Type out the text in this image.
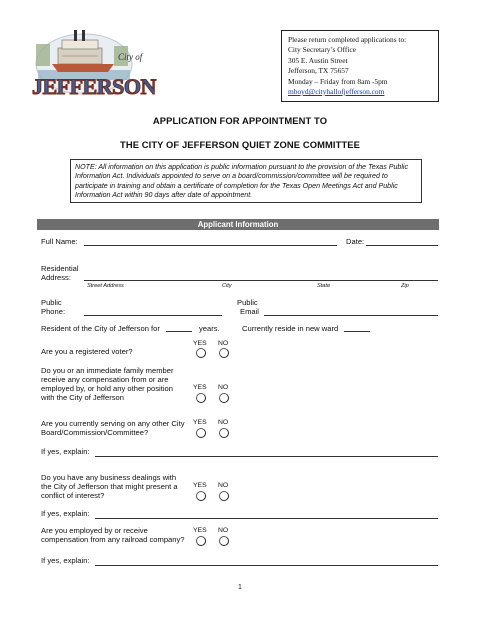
City of
JEFFERSON
Please return completed applications to:
City Secretary’s Office
305 E. Austin Street
Jefferson, TX 75657
Monday – Friday from 8am -5pm
mboyd@cityhallofjefferson.com
APPLICATION FOR APPOINTMENT TO
THE CITY OF JEFFERSON QUIET ZONE COMMITTEE
NOTE: All information on this application is public information pursuant to the provision of the Texas Public Information Act. Individuals appointed to serve on a board/commission/committee will be required to participate in training and obtain a certificate of completion for the Texas Open Meetings Act and Public Information Act within 90 days after date of appointment.
Applicant Information
Full Name:	Date:
Residential
Address:
Street Address	City	State	Zip
Public
Phone:
Public
Email
Resident of the City of Jefferson for	years.	Currently reside in new ward
YES NO
Are you a registered voter?
Do you or an immediate family member
receive any compensation from or are
employed by, or hold any other position
with the City of Jefferson
YES NO
Are you currently serving on any other City
Board/Commission/Committee?
YES NO
If yes, explain:
Do you have any business dealings with
the City of Jefferson that might present a
conflict of interest?
YES NO
If yes, explain:
Are you employed by or receive
compensation from any railroad company?
YES NO
If yes, explain:
1
